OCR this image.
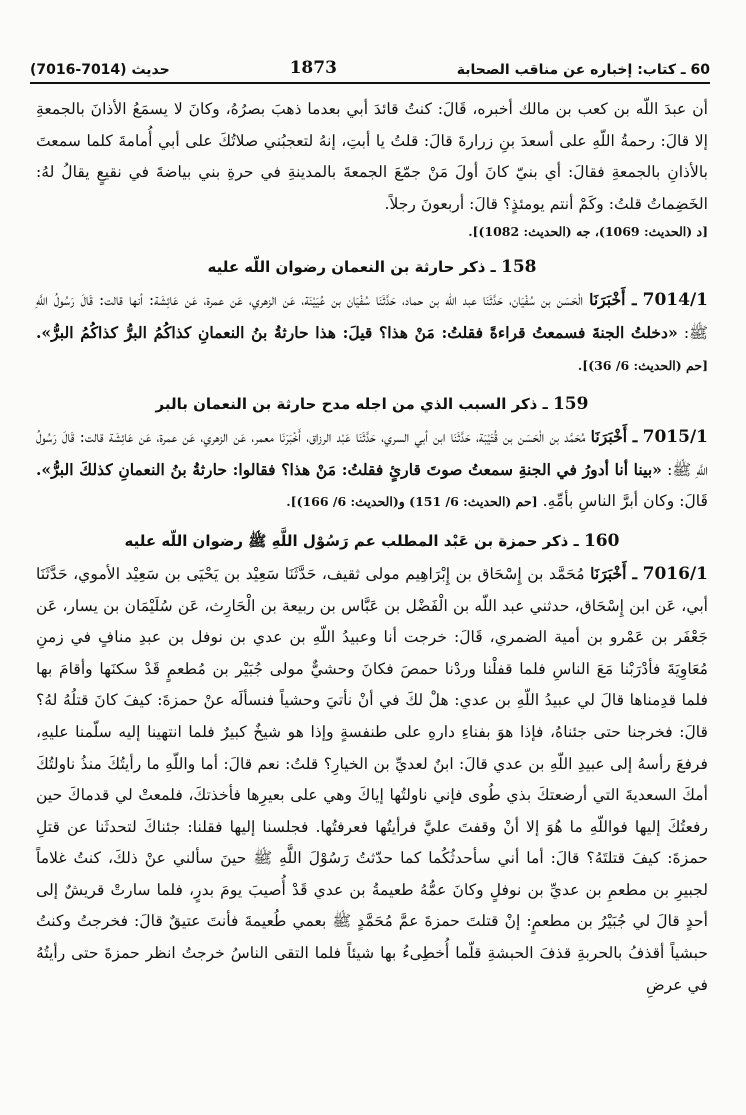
60 ـ كتاب: إخباره عن مناقب الصحابة
1873
حديث (7014-7016)

أن عبدَ اللّه بن كعب بن مالك أخبره، قَالَ: كنتُ قائدَ أبي بعدما ذهبَ بصرُهُ، وكانَ لا يسمَعُ الأذانَ بالجمعةِ إلا قالَ: رحمةُ اللّهِ على أسعدَ بنِ زرارةَ قالَ: قلتُ يا أبتِ، إنهُ لتعجبُني صلاتُكَ على أبي أُمامةَ كلما سمعتَ بالأذانِ بالجمعةِ فقالَ: أي بنيّ كانَ أولَ مَنْ جمّعَ الجمعةَ بالمدينةِ في حرةِ بني بياضةَ في نقيعٍ يقالُ لهُ: الخَضِماتُ قلتُ: وكَمْ أنتم يومئذٍ؟ قالَ: أربعونَ رجلاً.

[د (الحديث: 1069)، جه (الحديث: 1082)].

158 ـ ذكر حارثة بن النعمان رضوان اللّه عليه

7014/1 ـ أَخْبَرَنَا الْحَسَن بن سُفْيَان، حَدَّثَنَا عبد اللّه بن حماد، حَدَّثَنَا سُفْيَان بن عُيَيْنَة، عَن الزهري، عَن عمرة، عَن عَائِشَة: أنها قالت: قَالَ رَسُولُ اللَّهِ ﷺ: «دخلتُ الجنةَ فسمعتُ قراءةً فقلتُ: مَنْ هذا؟ قيلَ: هذا حارثةُ بنُ النعمانِ كذاكُمُ البرُّ كذاكُمُ البرُّ». [حم (الحديث: 6/ 36)].

159 ـ ذكر السبب الذي من اجله مدح حارثة بن النعمان بالبر

7015/1 ـ أَخْبَرَنَا مُحَمَّد بن الْحَسَن بن قُتَيْبَة، حَدَّثَنَا ابن أبي السري، حَدَّثَنَا عَبْد الرزاق، أَخْبَرَنَا معمر، عَن الزهري، عَن عمرة، عَن عَائِشَة قالت: قَالَ رَسُولُ اللَّهِ ﷺ: «بينا أنا أدورُ في الجنةِ سمعتُ صوتَ قارئٍ فقلتُ: مَنْ هذا؟ فقالوا: حارثةُ بنُ النعمانِ كذلكَ البرُّ». قَالَ: وكان أبرَّ الناسِ بأمِّهِ. [حم (الحديث: 6/ 151) و(الحديث: 6/ 166)].

160 ـ ذكر حمزة بن عَبْد المطلب عم رَسُوْل اللَّهِ ﷺ رضوان اللّه عليه

7016/1 ـ أَخْبَرَنَا مُحَمَّد بن إِسْحَاق بن إِبْرَاهِيم مولى ثقيف، حَدَّثَنَا سَعِيْد بن يَحْيَى بن سَعِيْد الأموي، حَدَّثَنَا أبي، عَن ابن إِسْحَاق، حدثني عبد اللّه بن الْفَضْل بن عَبَّاس بن ربيعة بن الْحَارِث، عَن سُلَيْمَان بن يسار، عَن جَعْفَر بن عَمْرو بن أمية الضمري، قَالَ: خرجت أنا وعبيدُ اللّهِ بن عدي بن نوفل بن عبدِ منافٍ في زمنِ مُعَاوِيَةَ فأدْرَبْنا مَعَ الناسِ فلما قفلْنا وردْنا حمصَ فكانَ وحشيٌّ مولى جُبَيْر بن مُطعمٍ قَدْ سكنَها وأقامَ بها فلما قدِمناها قالَ لي عبيدُ اللّهِ بن عدي: هلْ لكَ في أنْ نأتيَ وحشياً فنسألَه عنْ حمزةَ: كيفَ كانَ قتلُهُ لهُ؟ قالَ: فخرجنا حتى جئناهُ، فإذا هوَ بفناءِ دارهِ على طنفسةٍ وإذا هو شيخٌ كبيرٌ فلما انتهينا إليه سلّمنا عليهِ، فرفعَ رأسهُ إلى عبيدِ اللّهِ بن عدي قالَ: ابنٌ لعديِّ بن الخيارِ؟ قلتُ: نعم قالَ: أما واللّهِ ما رأيتُكَ منذُ ناولتُكَ أمكَ السعديةَ التي أرضعتكَ بذي طُوى فإني ناولتُها إياكَ وهي على بعيرِها فأخذتكَ، فلمعتْ لي قدماكَ حين رفعتُكَ إليها فواللّهِ ما هُوَ إلا أنْ وقفتَ عليَّ فرأيتُها فعرفتُها. فجلسنا إليها فقلنا: جئناكَ لتحدثَنا عن قتلِ حمزةَ: كيفَ قتلتَهُ؟ قالَ: أما أني سأحدثُكُما كما حدّثتُ رَسُوْلَ اللَّهِ ﷺ حينَ سألني عنْ ذلكَ، كنتُ غلاماً لجبيرِ بن مطعمِ بن عديِّ بن نوفلٍ وكانَ عمُّهُ طعيمةُ بن عدي قَدْ أُصيبَ يومَ بدرٍ، فلما سارتْ قريشٌ إلى أحدٍ قالَ لي جُبَيْرُ بن مطعمٍ: إنْ قتلتَ حمزةَ عمَّ مُحَمَّدٍ ﷺ بعمي طُعيمةَ فأنتَ عتيقٌ قالَ: فخرجتُ وكنتُ حبشياً أقذفُ بالحربةِ قذفَ الحبشةِ قلّما أُخطِىءُ بها شيئاً فلما التقى الناسُ خرجتُ انظر حمزةَ حتى رأيتُهُ في عرضِ
